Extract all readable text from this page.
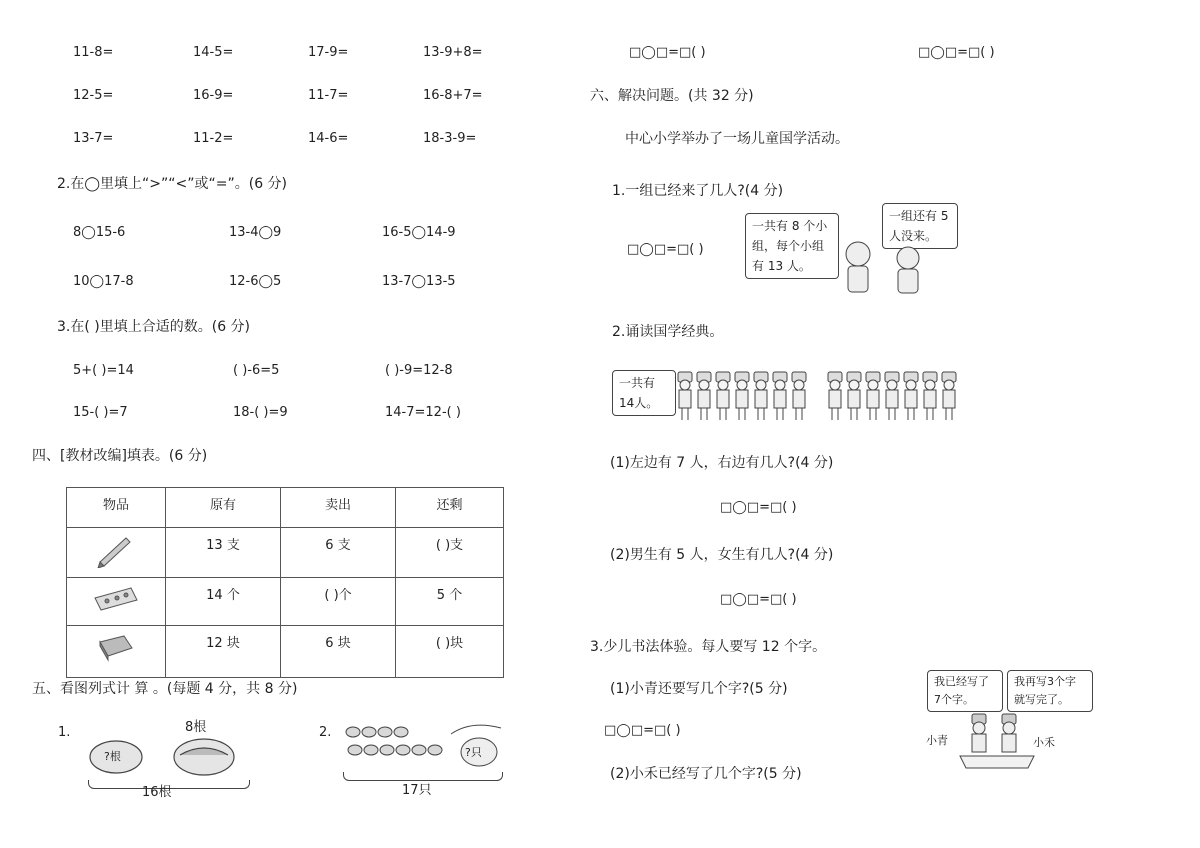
11-8=	14-5=	17-9=	13-9+8=
12-5=	16-9=	11-7=	16-8+7=
13-7=	11-2=	14-6=	18-3-9=
2.在◯里填上“>”“<”或“=”。(6 分)
8◯15-6	13-4◯9	16-5◯14-9
10◯17-8	12-6◯5	13-7◯13-5
3.在( )里填上合适的数。(6 分)
5+( )=14	( )-6=5	( )-9=12-8
15-( )=7	18-( )=9	14-7=12-( )
四、[教材改编]填表。(6 分)
物品	原有	卖出	还剩
	13 支	6 支	( )支
	14 个	( )个	5 个
	12 块	6 块	( )块
五、看图列式计 算 。(每题 4 分，共 8 分)
1.	8根
?根
16根
2.
?只
17只
□◯□=□( )	□◯□=□( )
六、解决问题。(共 32 分)
中心小学举办了一场儿童国学活动。
1.一组已经来了几人?(4 分)
□◯□=□( )
一共有 8 个小组，每个小组有 13 人。
一组还有 5 人没来。
2.诵读国学经典。
一共有 14人。
(1)左边有 7 人，右边有几人?(4 分)
□◯□=□( )
(2)男生有 5 人，女生有几人?(4 分)
□◯□=□( )
3.少儿书法体验。每人要写 12 个字。
(1)小青还要写几个字?(5 分)
□◯□=□( )
(2)小禾已经写了几个字?(5 分)
我已经写了 7个字。
我再写3个字就写完了。
小青	小禾
